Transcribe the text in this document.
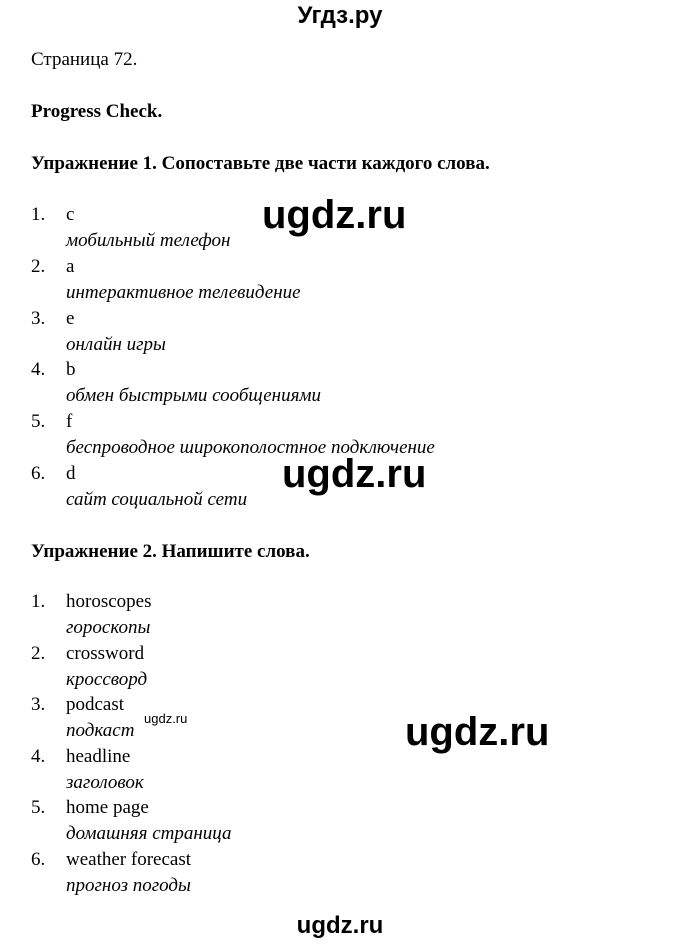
Угдз.ру
Страница 72.
Progress Check.
Упражнение 1. Сопоставьте две части каждого слова.
1. c
мобильный телефон
2. a
интерактивное телевидение
3. e
онлайн игры
4. b
обмен быстрыми сообщениями
5. f
беспроводное широкополостное подключение
6. d
сайт социальной сети
Упражнение 2. Напишите слова.
1. horoscopes
гороскопы
2. crossword
кроссворд
3. podcast
подкаст
4. headline
заголовок
5. home page
домашняя страница
6. weather forecast
прогноз погоды
ugdz.ru
ugdz.ru
ugdz.ru
ugdz.ru
ugdz.ru
